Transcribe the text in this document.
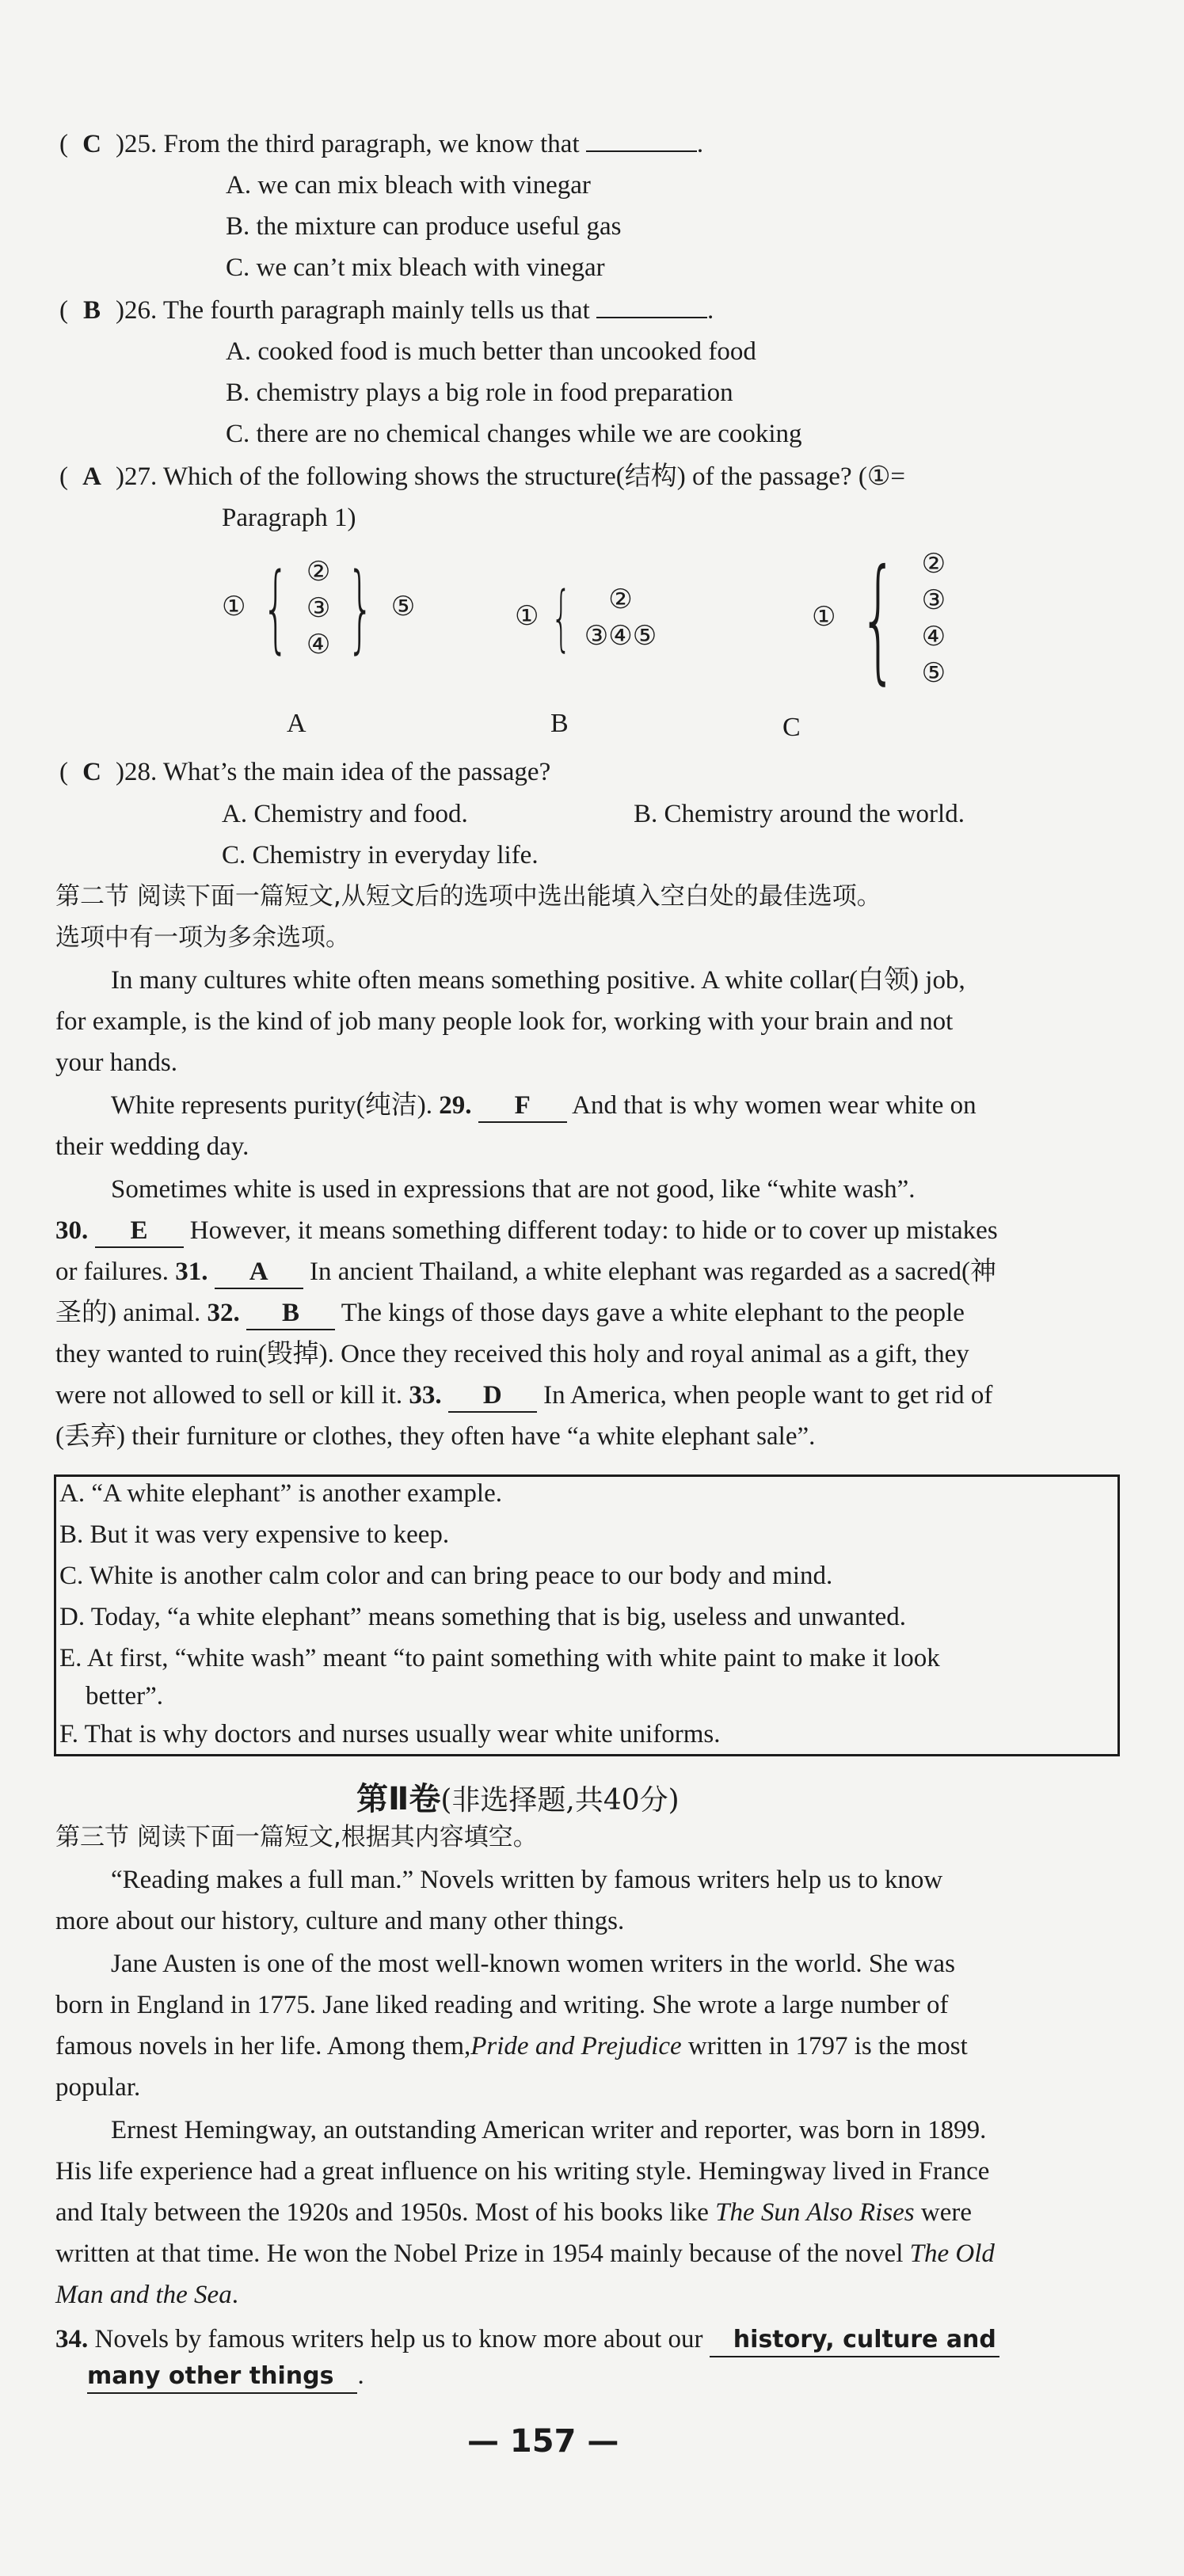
( C )25. From the third paragraph, we know that	.
A. we can mix bleach with vinegar
B. the mixture can produce useful gas
C. we can’t mix bleach with vinegar
( B )26. The fourth paragraph mainly tells us that	.
A. cooked food is much better than uncooked food
B. chemistry plays a big role in food preparation
C. there are no chemical changes while we are cooking
( A )27. Which of the following shows the structure(结构) of the passage? (①=
Paragraph 1)
① { ②
③
④ } ⑤
A
① {	②
③④⑤
B
① { ②
③
④
⑤
C
( C )28. What’s the main idea of the passage?
A. Chemistry and food.	B. Chemistry around the world.
C. Chemistry in everyday life.
第二节 阅读下面一篇短文,从短文后的选项中选出能填入空白处的最佳选项。
选项中有一项为多余选项。
In many cultures white often means something positive. A white collar(白领) job,
for example, is the kind of job many people look for, working with your brain and not
your hands.
White represents purity(纯洁). 29. F And that is why women wear white on
their wedding day.
Sometimes white is used in expressions that are not good, like “white wash”.
30. E However, it means something different today: to hide or to cover up mistakes
or failures. 31. A In ancient Thailand, a white elephant was regarded as a sacred(神
圣的) animal. 32. B The kings of those days gave a white elephant to the people
they wanted to ruin(毁掉). Once they received this holy and royal animal as a gift, they
were not allowed to sell or kill it. 33. D In America, when people want to get rid of
(丢弃) their furniture or clothes, they often have “a white elephant sale”.
A. “A white elephant” is another example.
B. But it was very expensive to keep.
C. White is another calm color and can bring peace to our body and mind.
D. Today, “a white elephant” means something that is big, useless and unwanted.
E. At first, “white wash” meant “to paint something with white paint to make it look
better”.
F. That is why doctors and nurses usually wear white uniforms.
第Ⅱ卷(非选择题,共40分)
第三节 阅读下面一篇短文,根据其内容填空。
“Reading makes a full man.” Novels written by famous writers help us to know
more about our history, culture and many other things.
Jane Austen is one of the most well-known women writers in the world. She was
born in England in 1775. Jane liked reading and writing. She wrote a large number of
famous novels in her life. Among them,Pride and Prejudice written in 1797 is the most
popular.
Ernest Hemingway, an outstanding American writer and reporter, was born in 1899.
His life experience had a great influence on his writing style. Hemingway lived in France
and Italy between the 1920s and 1950s. Most of his books like The Sun Also Rises were
written at that time. He won the Nobel Prize in 1954 mainly because of the novel The Old
Man and the Sea.
34. Novels by famous writers help us to know more about our history, culture and
many other things .
— 157 —
